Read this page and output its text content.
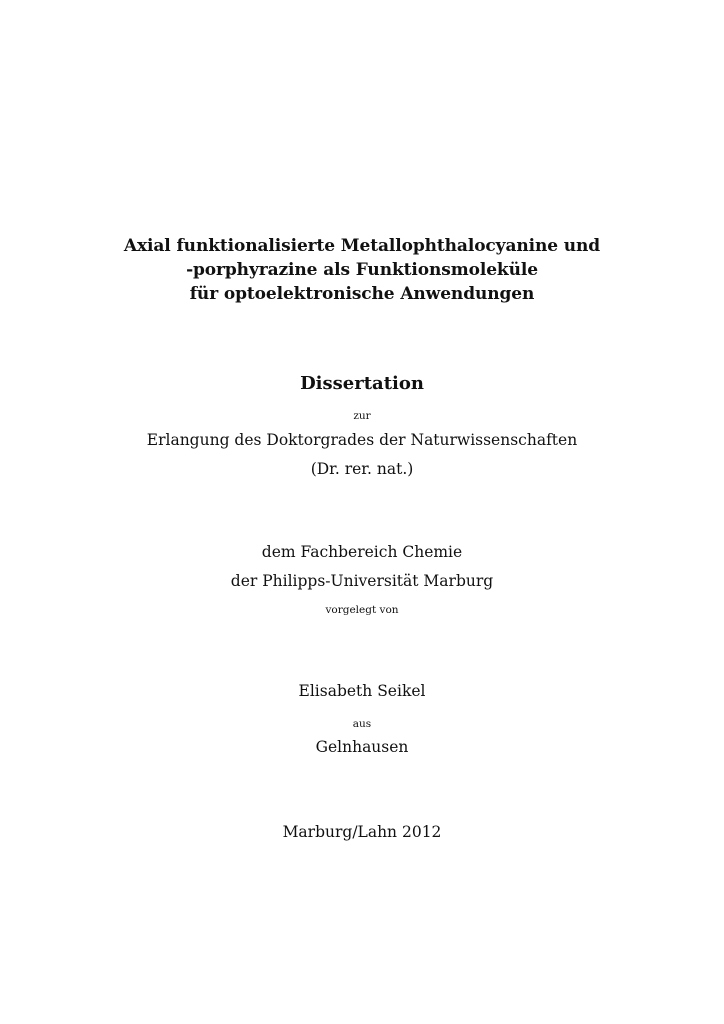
Axial funktionalisierte Metallophthalocyanine und
-porphyrazine als Funktionsmoleküle
für optoelektronische Anwendungen
Dissertation
zur
Erlangung des Doktorgrades der Naturwissenschaften
(Dr. rer. nat.)
dem Fachbereich Chemie
der Philipps-Universität Marburg
vorgelegt von
Elisabeth Seikel
aus
Gelnhausen
Marburg/Lahn 2012
